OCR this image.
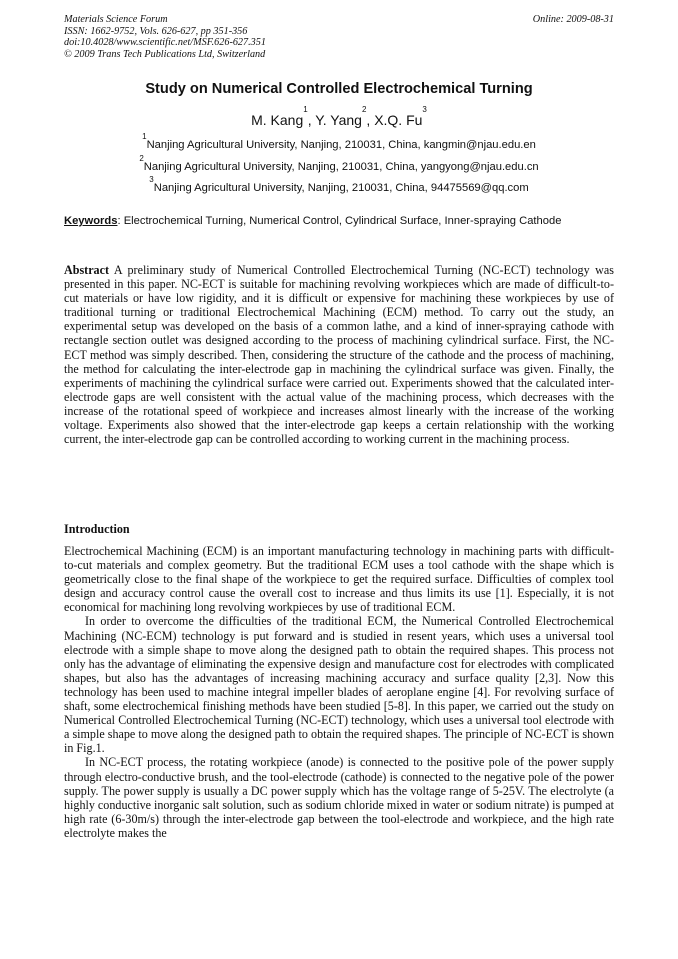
Materials Science Forum
ISSN: 1662-9752, Vols. 626-627, pp 351-356
doi:10.4028/www.scientific.net/MSF.626-627.351
© 2009 Trans Tech Publications Ltd, Switzerland
Online: 2009-08-31
Study on Numerical Controlled Electrochemical Turning
M. Kang$^1$, Y. Yang$^2$, X.Q. Fu$^3$
$^1$Nanjing Agricultural University, Nanjing, 210031, China, kangmin@njau.edu.en
$^2$Nanjing Agricultural University, Nanjing, 210031, China, yangyong@njau.edu.cn
$^3$Nanjing Agricultural University, Nanjing, 210031, China, 94475569@qq.com
Keywords: Electrochemical Turning, Numerical Control, Cylindrical Surface, Inner-spraying Cathode
Abstract A preliminary study of Numerical Controlled Electrochemical Turning (NC-ECT) technology was presented in this paper. NC-ECT is suitable for machining revolving workpieces which are made of difficult-to-cut materials or have low rigidity, and it is difficult or expensive for machining these workpieces by use of traditional turning or traditional Electrochemical Machining (ECM) method. To carry out the study, an experimental setup was developed on the basis of a common lathe, and a kind of inner-spraying cathode with rectangle section outlet was designed according to the process of machining cylindrical surface. First, the NC-ECT method was simply described. Then, considering the structure of the cathode and the process of machining, the method for calculating the inter-electrode gap in machining the cylindrical surface was given. Finally, the experiments of machining the cylindrical surface were carried out. Experiments showed that the calculated inter-electrode gaps are well consistent with the actual value of the machining process, which decreases with the increase of the rotational speed of workpiece and increases almost linearly with the increase of the working voltage. Experiments also showed that the inter-electrode gap keeps a certain relationship with the working current, the inter-electrode gap can be controlled according to working current in the machining process.
Introduction

Electrochemical Machining (ECM) is an important manufacturing technology in machining parts with difficult-to-cut materials and complex geometry. But the traditional ECM uses a tool cathode with the shape which is geometrically close to the final shape of the workpiece to get the required surface. Difficulties of complex tool design and accuracy control cause the overall cost to increase and thus limits its use [1]. Especially, it is not economical for machining long revolving workpieces by use of traditional ECM.

In order to overcome the difficulties of the traditional ECM, the Numerical Controlled Electrochemical Machining (NC-ECM) technology is put forward and is studied in resent years, which uses a universal tool electrode with a simple shape to move along the designed path to obtain the required shapes. This process not only has the advantage of eliminating the expensive design and manufacture cost for electrodes with complicated shapes, but also has the advantages of increasing machining accuracy and surface quality [2,3]. Now this technology has been used to machine integral impeller blades of aeroplane engine [4]. For revolving surface of shaft, some electrochemical finishing methods have been studied [5-8]. In this paper, we carried out the study on Numerical Controlled Electrochemical Turning (NC-ECT) technology, which uses a universal tool electrode with a simple shape to move along the designed path to obtain the required shapes. The principle of NC-ECT is shown in Fig.1.

In NC-ECT process, the rotating workpiece (anode) is connected to the positive pole of the power supply through electro-conductive brush, and the tool-electrode (cathode) is connected to the negative pole of the power supply. The power supply is usually a DC power supply which has the voltage range of 5-25V. The electrolyte (a highly conductive inorganic salt solution, such as sodium chloride mixed in water or sodium nitrate) is pumped at high rate (6-30m/s) through the inter-electrode gap between the tool-electrode and workpiece, and the high rate electrolyte makes the
